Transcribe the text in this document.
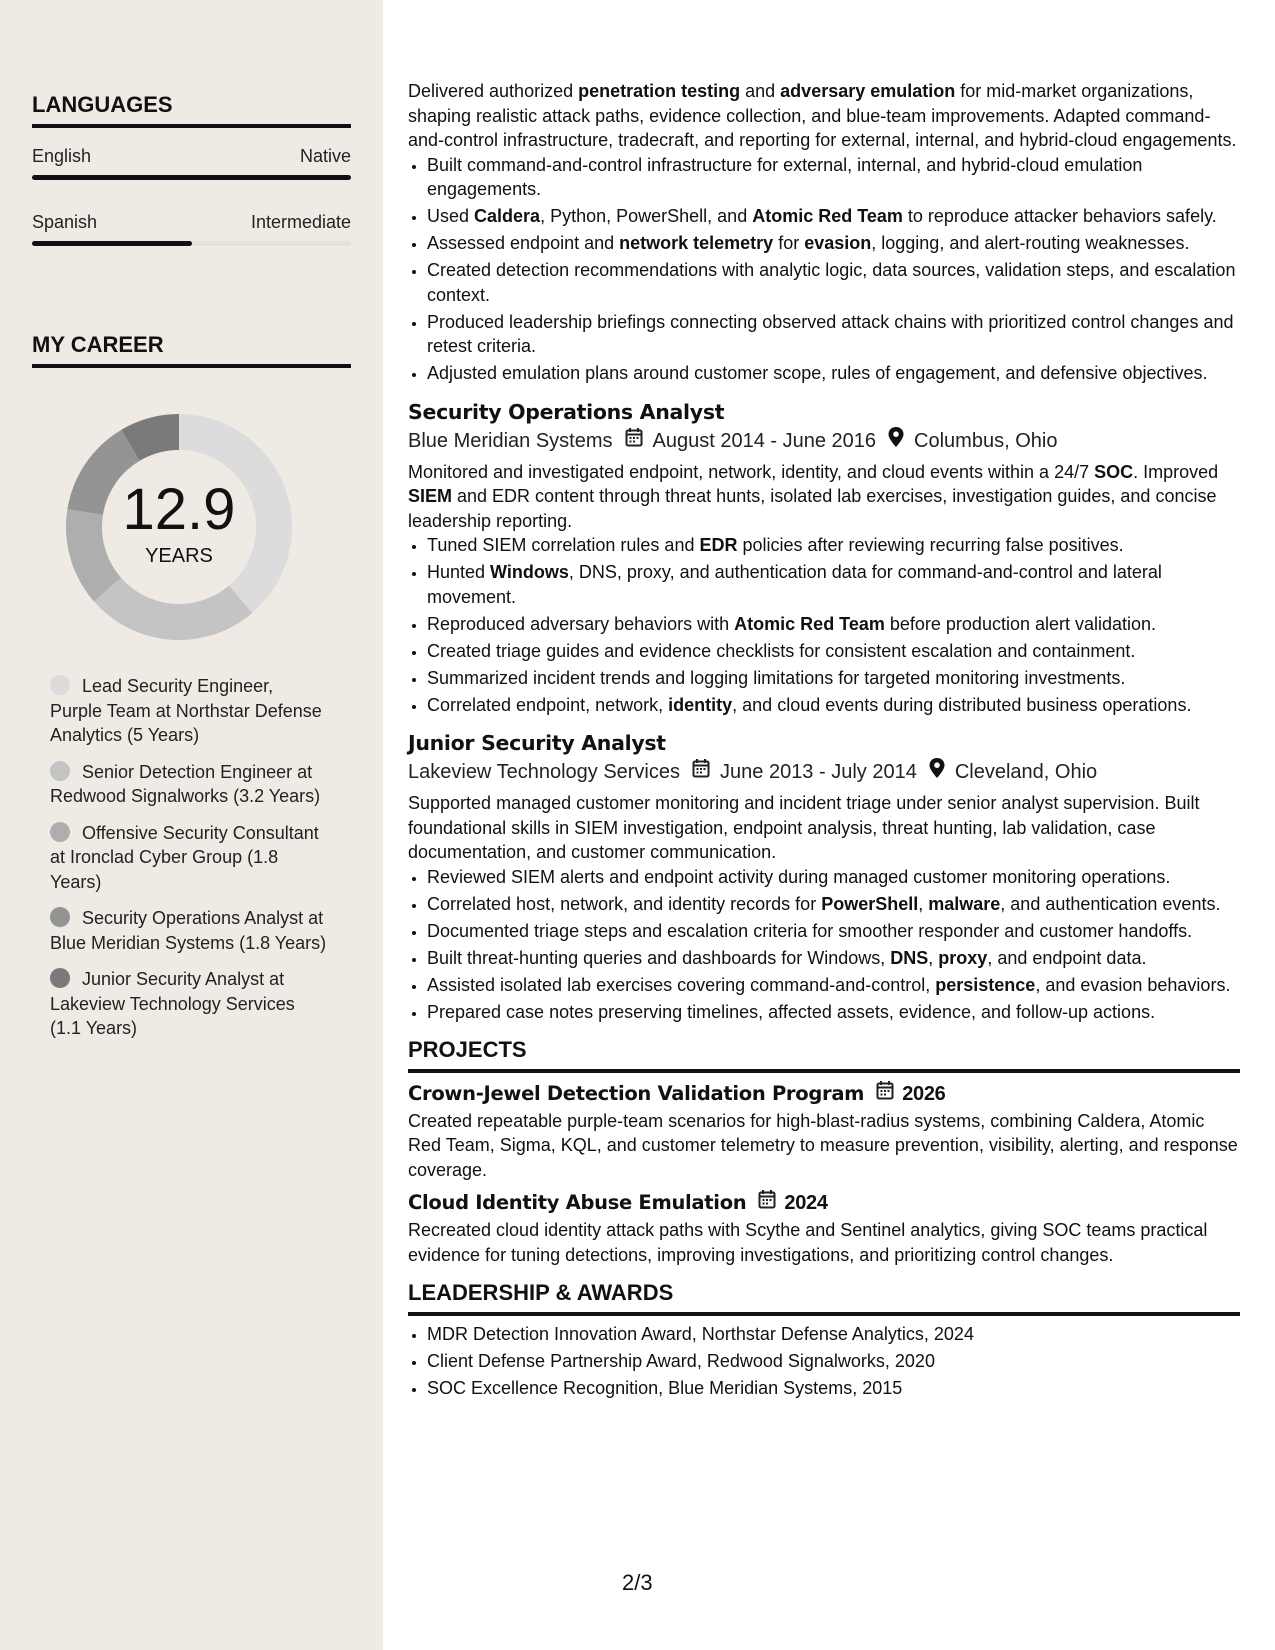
LANGUAGES
English	Native
Spanish	Intermediate
MY CAREER
12.9
YEARS
Lead Security Engineer, Purple Team at Northstar Defense Analytics (5 Years)
Senior Detection Engineer at Redwood Signalworks (3.2 Years)
Offensive Security Consultant at Ironclad Cyber Group (1.8 Years)
Security Operations Analyst at Blue Meridian Systems (1.8 Years)
Junior Security Analyst at Lakeview Technology Services (1.1 Years)

Delivered authorized penetration testing and adversary emulation for mid-market organizations, shaping realistic attack paths, evidence collection, and blue-team improvements. Adapted command-and-control infrastructure, tradecraft, and reporting for external, internal, and hybrid-cloud engagements.

• Built command-and-control infrastructure for external, internal, and hybrid-cloud emulation engagements.
• Used Caldera, Python, PowerShell, and Atomic Red Team to reproduce attacker behaviors safely.
• Assessed endpoint and network telemetry for evasion, logging, and alert-routing weaknesses.
• Created detection recommendations with analytic logic, data sources, validation steps, and escalation context.
• Produced leadership briefings connecting observed attack chains with prioritized control changes and retest criteria.
• Adjusted emulation plans around customer scope, rules of engagement, and defensive objectives.
Security Operations Analyst
Blue Meridian Systems August 2014 - June 2016 Columbus, Ohio

Monitored and investigated endpoint, network, identity, and cloud events within a 24/7 SOC. Improved SIEM and EDR content through threat hunts, isolated lab exercises, investigation guides, and concise leadership reporting.

• Tuned SIEM correlation rules and EDR policies after reviewing recurring false positives.
• Hunted Windows, DNS, proxy, and authentication data for command-and-control and lateral movement.
• Reproduced adversary behaviors with Atomic Red Team before production alert validation.
• Created triage guides and evidence checklists for consistent escalation and containment.
• Summarized incident trends and logging limitations for targeted monitoring investments.
• Correlated endpoint, network, identity, and cloud events during distributed business operations.
Junior Security Analyst
Lakeview Technology Services June 2013 - July 2014 Cleveland, Ohio

Supported managed customer monitoring and incident triage under senior analyst supervision. Built foundational skills in SIEM investigation, endpoint analysis, threat hunting, lab validation, case documentation, and customer communication.

• Reviewed SIEM alerts and endpoint activity during managed customer monitoring operations.
• Correlated host, network, and identity records for PowerShell, malware, and authentication events.
• Documented triage steps and escalation criteria for smoother responder and customer handoffs.
• Built threat-hunting queries and dashboards for Windows, DNS, proxy, and endpoint data.
• Assisted isolated lab exercises covering command-and-control, persistence, and evasion behaviors.
• Prepared case notes preserving timelines, affected assets, evidence, and follow-up actions.
PROJECTS
Crown-Jewel Detection Validation Program 2026

Created repeatable purple-team scenarios for high-blast-radius systems, combining Caldera, Atomic Red Team, Sigma, KQL, and customer telemetry to measure prevention, visibility, alerting, and response coverage.

Cloud Identity Abuse Emulation 2024

Recreated cloud identity attack paths with Scythe and Sentinel analytics, giving SOC teams practical evidence for tuning detections, improving investigations, and prioritizing control changes.

LEADERSHIP & AWARDS
• MDR Detection Innovation Award, Northstar Defense Analytics, 2024
• Client Defense Partnership Award, Redwood Signalworks, 2020
• SOC Excellence Recognition, Blue Meridian Systems, 2015
2/3
